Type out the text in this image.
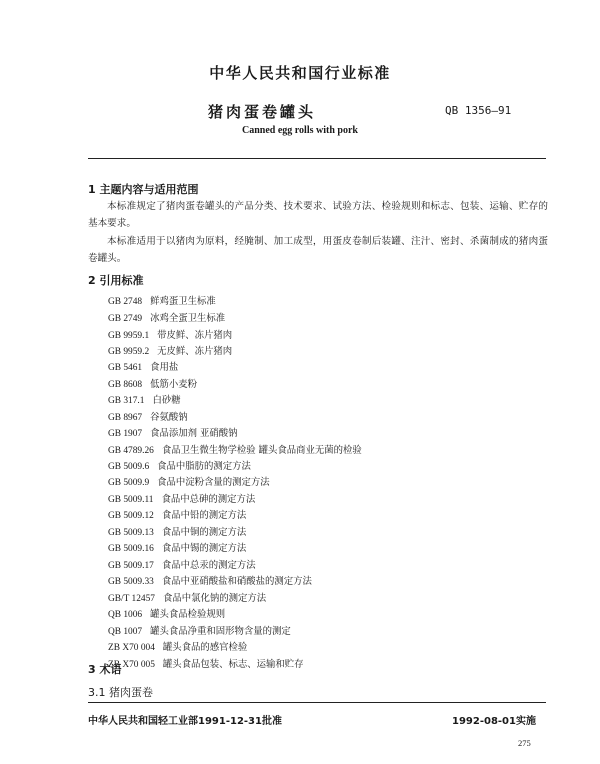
中华人民共和国行业标准
猪肉蛋卷罐头	QB 1356—91
Canned egg rolls with pork
1 主题内容与适用范围
本标准规定了猪肉蛋卷罐头的产品分类、技术要求、试验方法、检验规则和标志、包装、运输、贮存的基本要求。
本标准适用于以猪肉为原料，经腌制、加工成型，用蛋皮卷制后装罐、注汁、密封、杀菌制成的猪肉蛋卷罐头。
2 引用标准
GB 2748 鲜鸡蛋卫生标准
GB 2749 冰鸡全蛋卫生标准
GB 9959.1 带皮鲜、冻片猪肉
GB 9959.2 无皮鲜、冻片猪肉
GB 5461 食用盐
GB 8608 低筋小麦粉
GB 317.1 白砂糖
GB 8967 谷氨酸钠
GB 1907 食品添加剂 亚硝酸钠
GB 4789.26 食品卫生微生物学检验 罐头食品商业无菌的检验
GB 5009.6 食品中脂肪的测定方法
GB 5009.9 食品中淀粉含量的测定方法
GB 5009.11 食品中总砷的测定方法
GB 5009.12 食品中铅的测定方法
GB 5009.13 食品中铜的测定方法
GB 5009.16 食品中锡的测定方法
GB 5009.17 食品中总汞的测定方法
GB 5009.33 食品中亚硝酸盐和硝酸盐的测定方法
GB/T 12457 食品中氯化钠的测定方法
QB 1006 罐头食品检验规则
QB 1007 罐头食品净重和固形物含量的测定
ZB X70 004 罐头食品的感官检验
ZB X70 005 罐头食品包装、标志、运输和贮存
3 术语
3.1 猪肉蛋卷
中华人民共和国轻工业部1991-12-31批准	1992-08-01实施
275
